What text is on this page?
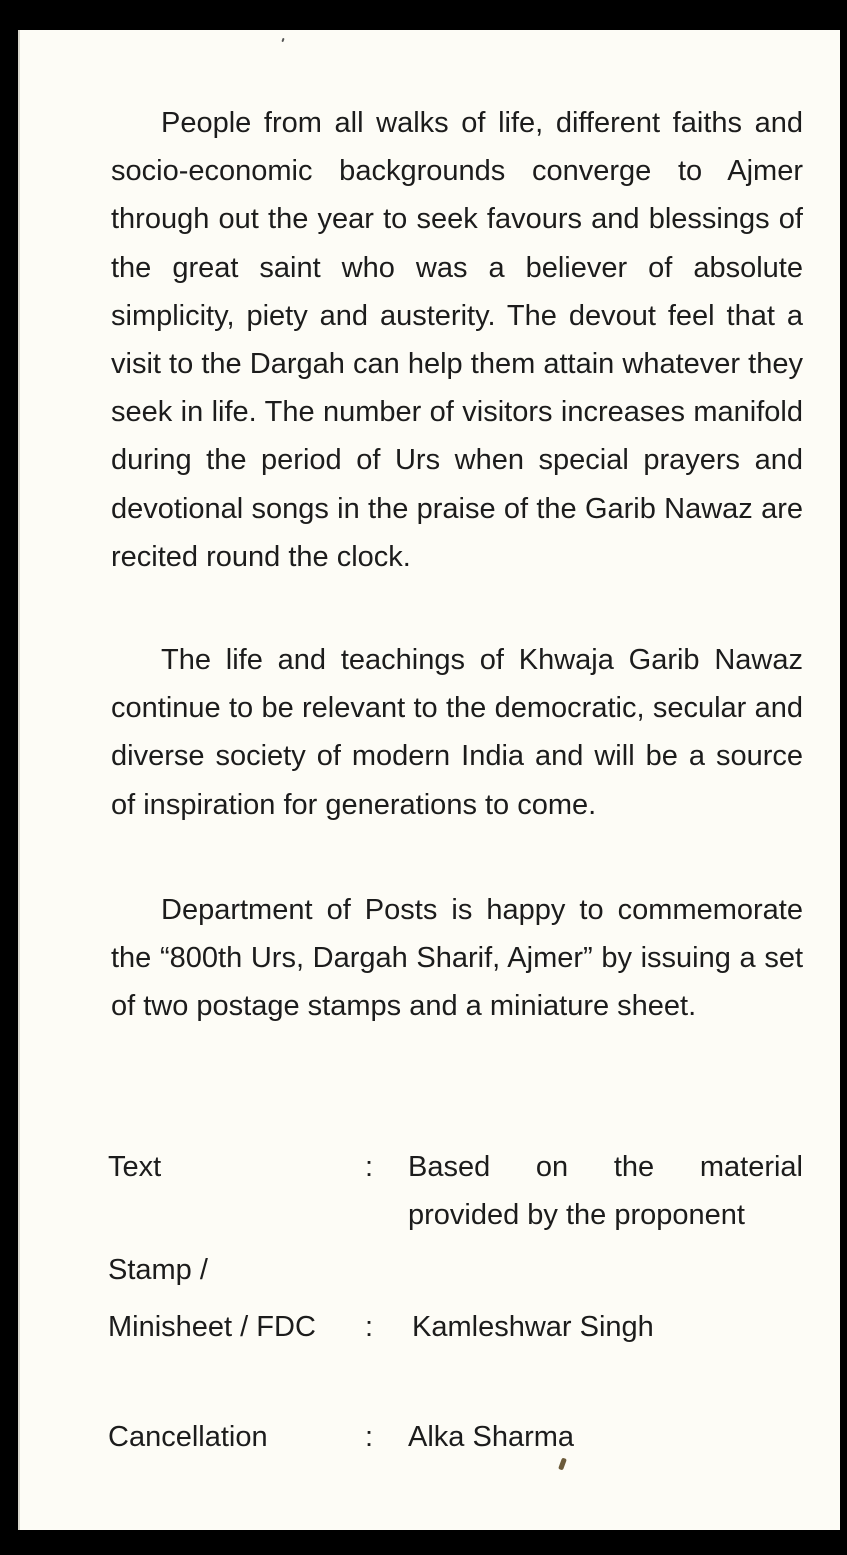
People from all walks of life, different faiths and socio-economic backgrounds converge to Ajmer through out the year to seek favours and blessings of the great saint who was a believer of absolute simplicity, piety and austerity. The devout feel that a visit to the Dargah can help them attain whatever they seek in life. The number of visitors increases manifold during the period of Urs when special prayers and devotional songs in the praise of the Garib Nawaz are recited round the clock.

The life and teachings of Khwaja Garib Nawaz continue to be relevant to the democratic, secular and diverse society of modern India and will be a source of inspiration for generations to come.

Department of Posts is happy to commemorate the “800th Urs, Dargah Sharif, Ajmer” by issuing a set of two postage stamps and a miniature sheet.

Text	: Based on the material provided by the proponent

Stamp /

Minisheet / FDC : Kamleshwar Singh

Cancellation	: Alka Sharma
